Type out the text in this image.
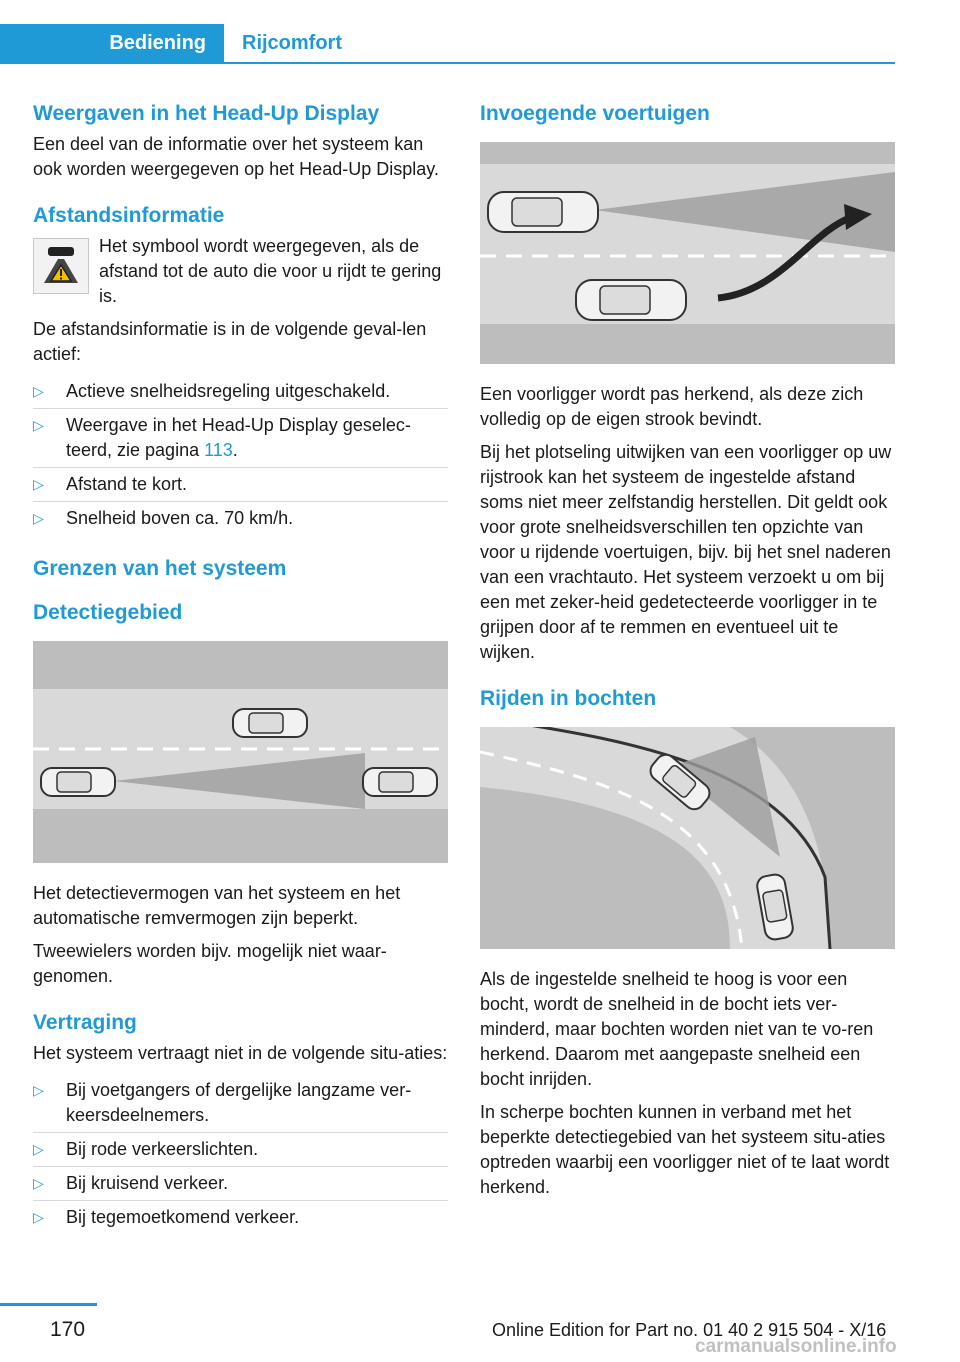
Bediening	Rijcomfort
Weergaven in het Head-Up Display

Een deel van de informatie over het systeem kan ook worden weergegeven op het Head-Up Display.

Afstandsinformatie

Het symbool wordt weergegeven, als de afstand tot de auto die voor u rijdt te gering is.

De afstandsinformatie is in de volgende geval‐len actief:

▷ Actieve snelheidsregeling uitgeschakeld.
▷ Weergave in het Head-Up Display geselec‐teerd, zie pagina 113.
▷ Afstand te kort.
▷ Snelheid boven ca. 70 km/h.
Grenzen van het systeem
Detectiegebied

Het detectievermogen van het systeem en het automatische remvermogen zijn beperkt.

Tweewielers worden bijv. mogelijk niet waar‐genomen.

Vertraging

Het systeem vertraagt niet in de volgende situ‐aties:

▷ Bij voetgangers of dergelijke langzame ver‐keersdeelnemers.
▷ Bij rode verkeerslichten.
▷ Bij kruisend verkeer.
▷ Bij tegemoetkomend verkeer.
Invoegende voertuigen

Een voorligger wordt pas herkend, als deze zich volledig op de eigen strook bevindt.

Bij het plotseling uitwijken van een voorligger op uw rijstrook kan het systeem de ingestelde afstand soms niet meer zelfstandig herstellen. Dit geldt ook voor grote snelheidsverschillen ten opzichte van voor u rijdende voertuigen, bijv. bij het snel naderen van een vrachtauto. Het systeem verzoekt u om bij een met zeker‐heid gedetecteerde voorligger in te grijpen door af te remmen en eventueel uit te wijken.

Rijden in bochten

Als de ingestelde snelheid te hoog is voor een bocht, wordt de snelheid in de bocht iets ver‐minderd, maar bochten worden niet van te vo‐ren herkend. Daarom met aangepaste snelheid een bocht inrijden.

In scherpe bochten kunnen in verband met het beperkte detectiegebied van het systeem situ‐aties optreden waarbij een voorligger niet of te laat wordt herkend.

170	Online Edition for Part no. 01 40 2 915 504 - X/16
carmanualsonline.info
